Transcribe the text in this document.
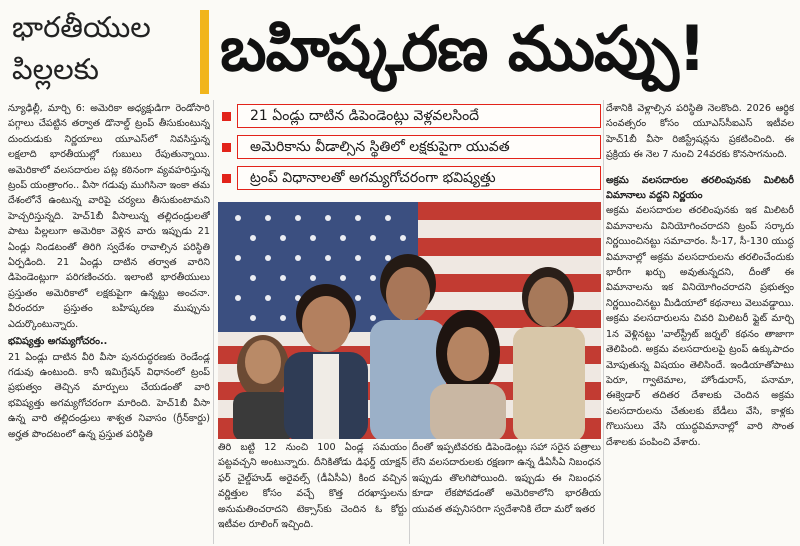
భారతీయుల
పిల్లలకు	బహిష్కరణ ముప్పు!

న్యూఢిల్లీ, మార్చి 6: అమెరికా అధ్యక్షుడిగా రెండోసారి పగ్గాలు చేపట్టిన తర్వాత డొనాల్డ్ ట్రంప్ తీసుకుంటున్న దుందుడుకు నిర్ణయాలు యూఎస్‌లో నివసిస్తున్న లక్షలాది భారతీయుల్లో గుబులు రేపుతున్నాయి. అమెరికాలో వలసదారుల పట్ల కఠినంగా వ్యవహరిస్తున్న ట్రంప్ యంత్రాంగం.. వీసా గడువు ముగిసినా ఇంకా తమ దేశంలోనే ఉంటున్న వారిపై చర్యలు తీసుకుంటామని హెచ్చరిస్తున్నది. హెచ్‌1బీ వీసాలున్న తల్లిదండ్రులతో పాటు పిల్లలుగా అమెరికా వెళ్లిన వారు ఇప్పుడు 21 ఏండ్లు నిండటంతో తిరిగి స్వదేశం రావాల్సిన పరిస్థితి ఏర్పడింది. 21 ఏండ్లు దాటిన తర్వాత వారిని డిపెండెంట్లుగా పరిగణించరు. ఇలాంటి భారతీయులు ప్రస్తుతం అమెరికాలో లక్షకుపైగా ఉన్నట్టు అంచనా. వీరందరూ ప్రస్తుతం బహిష్కరణ ముప్పును ఎదుర్కొంటున్నారు.

భవిష్యత్తు అగమ్యగోచరం..

21 ఏండ్లు దాటిన వీరి వీసా పునరుద్ధరణకు రెండేండ్ల గడువు ఉంటుంది. కానీ ఇమిగ్రేషన్ విధానంలో ట్రంప్ ప్రభుత్వం తెచ్చిన మార్పులు చేయడంతో వారి భవిష్యత్తు అగమ్యగోచరంగా మారింది. హెచ్‌1బీ వీసా ఉన్న వారి తల్లిదండ్రులు శాశ్వత నివాసం (గ్రీన్‌కార్డు) అర్హత పొందటంలో ఉన్న ప్రస్తుత పరిస్థితి

21 ఏండ్లు దాటిన డిపెండెంట్లు వెళ్లవలసిందే
అమెరికాను వీడాల్సిన స్థితిలో లక్షకుపైగా యువత
ట్రంప్ విధానాలతో అగమ్యగోచరంగా భవిష్యత్తు

తిరి బట్టి 12 నుంచి 100 ఏండ్ల సమయం పట్టవచ్చని అంటున్నారు. దీనికితోడు డిఫర్డ్ యాక్షన్ ఫర్ చైల్డ్‌హుడ్ అరైవల్స్ (డీఏసీఏ) కింద వచ్చిన వర్ణిత్తుల కోసం వచ్చే కొత్త దరఖాస్తులను అనుమతించరాదని టెక్సాస్‌కు చెందిన ఓ కోర్టు ఇటీవల రూలింగ్ ఇచ్చింది.

దీంతో ఇప్పటివరకు డిపెండెంట్లు సహా సరైన పత్రాలు లేని వలసదారులకు రక్షణగా ఉన్న డీఏసీఏ నిబంధన ఇప్పుడు తొలగిపోయింది. ఇప్పుడు ఈ నిబంధన కూడా లేకపోవడంతో అమెరికాలోని భారతీయ యువత తప్పనిసరిగా స్వదేశానికి లేదా మరో ఇతర

దేశానికి వెళ్లాల్సిన పరిస్థితి నెలకొంది. 2026 ఆర్థిక సంవత్సరం కోసం యూఎస్‌సీఐఎస్ ఇటీవల హెచ్‌1బీ వీసా రిజిస్ట్రేషన్లను ప్రకటించింది. ఈ ప్రక్రియ ఈ నెల 7 నుంచి 24వరకు కొనసాగనుంది.

అక్రమ వలసదారుల తరలింపునకు మిలిటరీ విమానాలు వద్దని నిర్ణయం

అక్రమ వలసదారుల తరలింపునకు ఇక మిలిటరీ విమానాలను వినియోగించరాదని ట్రంప్ సర్కారు నిర్ణయించినట్టు సమాచారం. సీ-17, సీ-130 యుద్ధ విమానాల్లో అక్రమ వలసదారులను తరలించేందుకు భారీగా ఖర్చు అవుతున్నదని, దీంతో ఈ విమానాలను ఇక వినియోగించరాదని ప్రభుత్వం నిర్ణయించినట్టు మీడియాలో కథనాలు వెలువడ్డాయి. అక్రమ వలసదారులను చివరి మిలిటరీ ఫ్లైట్ మార్చి 1న వెళ్లినట్టు 'వాల్‌స్ట్రీట్ జర్నల్' కథనం తాజాగా తెలిపింది. అక్రమ వలసదారులపై ట్రంప్ ఉక్కుపాదం మోపుతున్న విషయం తెలిసిందే. ఇండియాతోపాటు పెరూ, గ్వాటెమాల, హోండురాస్, పనామా, ఈక్వెడార్ తదితర దేశాలకు చెందిన అక్రమ వలసదారులను చేతులకు బేడీలు వేసి, కాళ్లకు గొలుసులు వేసి యుద్ధవిమానాల్లో వారి సొంత దేశాలకు పంపించి వేశారు.
